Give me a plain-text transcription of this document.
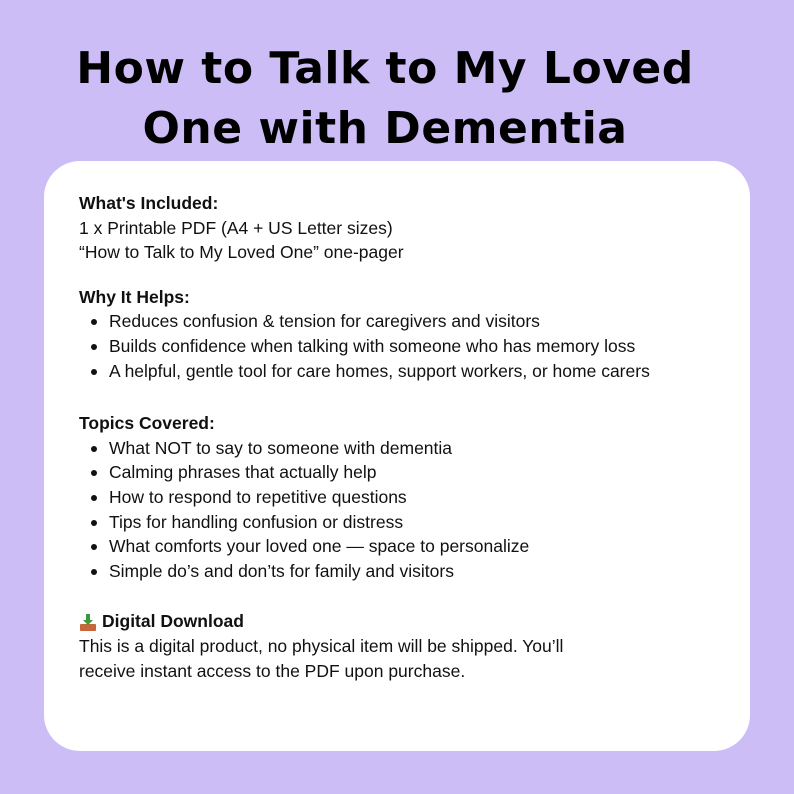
How to Talk to My Loved
One with Dementia
What's Included:
1 x Printable PDF (A4 + US Letter sizes)
“How to Talk to My Loved One” one-pager
Why It Helps:
Reduces confusion & tension for caregivers and visitors
Builds confidence when talking with someone who has memory loss
A helpful, gentle tool for care homes, support workers, or home carers
Topics Covered:
What NOT to say to someone with dementia
Calming phrases that actually help
How to respond to repetitive questions
Tips for handling confusion or distress
What comforts your loved one — space to personalize
Simple do’s and don’ts for family and visitors
Digital Download
This is a digital product, no physical item will be shipped. You’ll
receive instant access to the PDF upon purchase.
